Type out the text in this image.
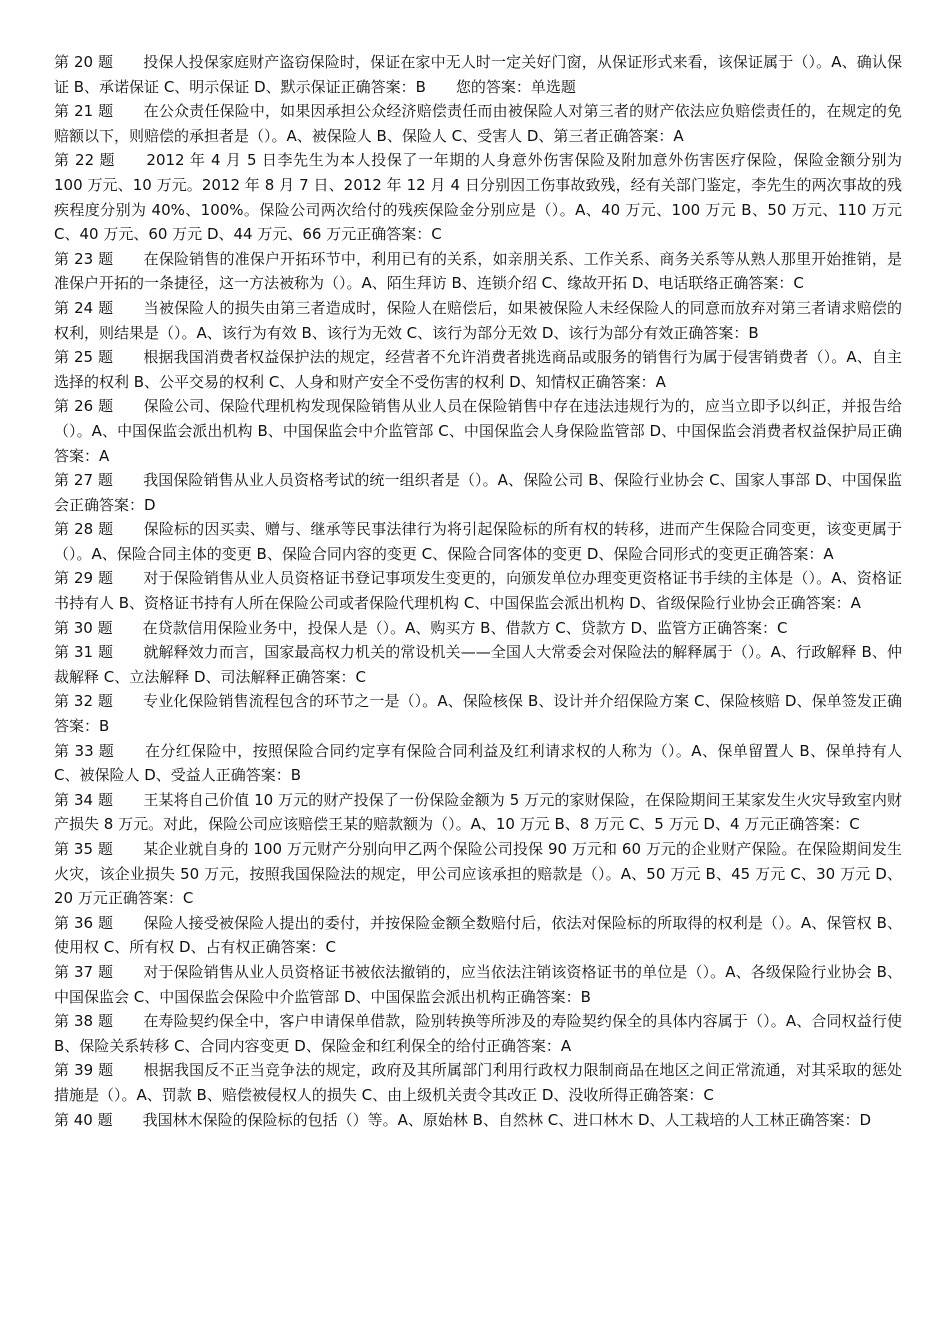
第 20 题　　 投保人投保家庭财产盗窃保险时，保证在家中无人时一定关好门窗，从保证形式来看，该保证属于（）。A、确认保证 B、承诺保证 C、明示保证 D、默示保证正确答案：B　　您的答案：单选题

第 21 题　　 在公众责任保险中，如果因承担公众经济赔偿责任而由被保险人对第三者的财产依法应负赔偿责任的，在规定的免赔额以下，则赔偿的承担者是（）。A、被保险人 B、保险人 C、受害人 D、第三者正确答案：A

第 22 题　　 2012 年 4 月 5 日李先生为本人投保了一年期的人身意外伤害保险及附加意外伤害医疗保险，保险金额分别为 100 万元、10 万元。2012 年 8 月 7 日、2012 年 12 月 4 日分别因工伤事故致残，经有关部门鉴定，李先生的两次事故的残疾程度分别为 40%、100%。保险公司两次给付的残疾保险金分别应是（）。A、40 万元、100 万元 B、50 万元、110 万元 C、40 万元、60 万元 D、44 万元、66 万元正确答案：C

第 23 题　　 在保险销售的准保户开拓环节中，利用已有的关系，如亲朋关系、工作关系、商务关系等从熟人那里开始推销，是准保户开拓的一条捷径，这一方法被称为（）。A、陌生拜访 B、连锁介绍 C、缘故开拓 D、电话联络正确答案：C

第 24 题　　 当被保险人的损失由第三者造成时，保险人在赔偿后，如果被保险人未经保险人的同意而放弃对第三者请求赔偿的权利，则结果是（）。A、该行为有效 B、该行为无效 C、该行为部分无效 D、该行为部分有效正确答案：B

第 25 题　　 根据我国消费者权益保护法的规定，经营者不允许消费者挑选商品或服务的销售行为属于侵害销费者（）。A、自主选择的权利 B、公平交易的权利 C、人身和财产安全不受伤害的权利 D、知情权正确答案：A

第 26 题　　 保险公司、保险代理机构发现保险销售从业人员在保险销售中存在违法违规行为的，应当立即予以纠正，并报告给（）。A、中国保监会派出机构 B、中国保监会中介监管部 C、中国保监会人身保险监管部 D、中国保监会消费者权益保护局正确答案：A

第 27 题　　 我国保险销售从业人员资格考试的统一组织者是（）。A、保险公司 B、保险行业协会 C、国家人事部 D、中国保监会正确答案：D

第 28 题　　 保险标的因买卖、赠与、继承等民事法律行为将引起保险标的所有权的转移，进而产生保险合同变更，该变更属于（）。A、保险合同主体的变更 B、保险合同内容的变更 C、保险合同客体的变更 D、保险合同形式的变更正确答案：A

第 29 题　　 对于保险销售从业人员资格证书登记事项发生变更的，向颁发单位办理变更资格证书手续的主体是（）。A、资格证书持有人 B、资格证书持有人所在保险公司或者保险代理机构 C、中国保监会派出机构 D、省级保险行业协会正确答案：A

第 30 题　　 在贷款信用保险业务中，投保人是（）。A、购买方 B、借款方 C、贷款方 D、监管方正确答案：C

第 31 题　　 就解释效力而言，国家最高权力机关的常设机关——全国人大常委会对保险法的解释属于（）。A、行政解释 B、仲裁解释 C、立法解释 D、司法解释正确答案：C

第 32 题　　 专业化保险销售流程包含的环节之一是（）。A、保险核保 B、设计并介绍保险方案 C、保险核赔 D、保单签发正确答案：B

第 33 题　　 在分红保险中，按照保险合同约定享有保险合同利益及红利请求权的人称为（）。A、保单留置人 B、保单持有人 C、被保险人 D、受益人正确答案：B

第 34 题　　 王某将自己价值 10 万元的财产投保了一份保险金额为 5 万元的家财保险，在保险期间王某家发生火灾导致室内财产损失 8 万元。对此，保险公司应该赔偿王某的赔款额为（）。A、10 万元 B、8 万元 C、5 万元 D、4 万元正确答案：C

第 35 题　　 某企业就自身的 100 万元财产分别向甲乙两个保险公司投保 90 万元和 60 万元的企业财产保险。在保险期间发生火灾，该企业损失 50 万元，按照我国保险法的规定，甲公司应该承担的赔款是（）。A、50 万元 B、45 万元 C、30 万元 D、20 万元正确答案：C

第 36 题　　 保险人接受被保险人提出的委付，并按保险金额全数赔付后，依法对保险标的所取得的权利是（）。A、保管权 B、使用权 C、所有权 D、占有权正确答案：C

第 37 题　　 对于保险销售从业人员资格证书被依法撤销的，应当依法注销该资格证书的单位是（）。A、各级保险行业协会 B、中国保监会 C、中国保监会保险中介监管部 D、中国保监会派出机构正确答案：B

第 38 题　　 在寿险契约保全中，客户申请保单借款，险别转换等所涉及的寿险契约保全的具体内容属于（）。A、合同权益行使 B、保险关系转移 C、合同内容变更 D、保险金和红利保全的给付正确答案：A

第 39 题　　 根据我国反不正当竞争法的规定，政府及其所属部门利用行政权力限制商品在地区之间正常流通，对其采取的惩处措施是（）。A、罚款 B、赔偿被侵权人的损失 C、由上级机关责令其改正 D、没收所得正确答案：C

第 40 题　　 我国林木保险的保险标的包括（）等。A、原始林 B、自然林 C、进口林木 D、人工栽培的人工林正确答案：D
